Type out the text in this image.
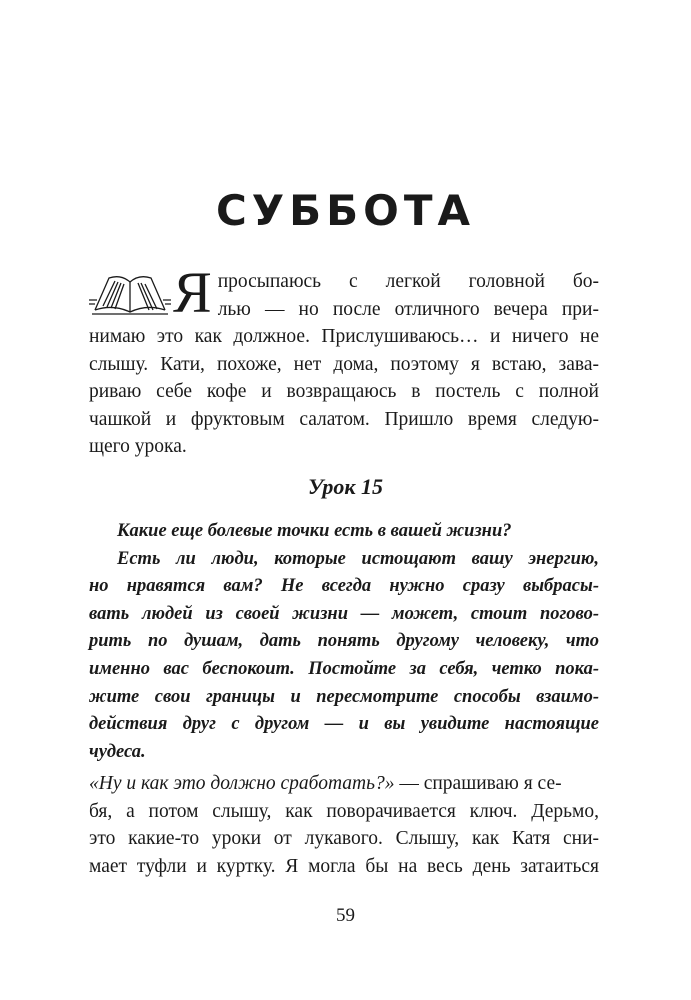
СУББОТА
Я просыпаюсь с легкой головной бо-
лью — но после отличного вечера при-
нимаю это как должное. Прислушиваюсь… и ничего не
слышу. Кати, похоже, нет дома, поэтому я встаю, зава-
риваю себе кофе и возвращаюсь в постель с полной
чашкой и фруктовым салатом. Пришло время следую-
щего урока.
Урок 15
Какие еще болевые точки есть в вашей жизни?
Есть ли люди, которые истощают вашу энергию,
но нравятся вам? Не всегда нужно сразу выбрасы-
вать людей из своей жизни — может, стоит погово-
рить по душам, дать понять другому человеку, что
именно вас беспокоит. Постойте за себя, четко пока-
жите свои границы и пересмотрите способы взаимо-
действия друг с другом — и вы увидите настоящие
чудеса.
«Ну и как это должно сработать?» — спрашиваю я се-
бя, а потом слышу, как поворачивается ключ. Дерьмо,
это какие-то уроки от лукавого. Слышу, как Катя сни-
мает туфли и куртку. Я могла бы на весь день затаиться
59
